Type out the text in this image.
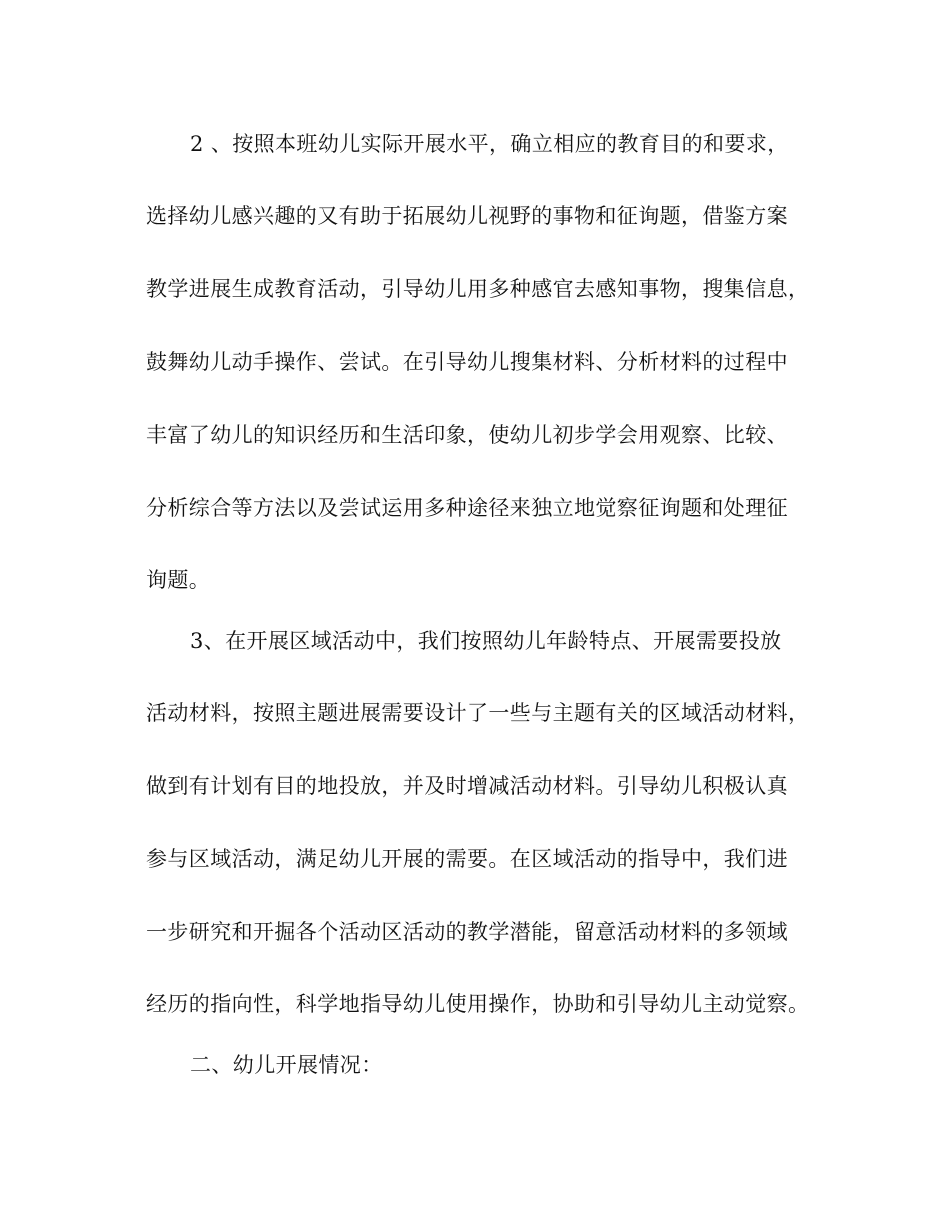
2 、按照本班幼儿实际开展水平，确立相应的教育目的和要求，
选择幼儿感兴趣的又有助于拓展幼儿视野的事物和征询题，借鉴方案
教学进展生成教育活动，引导幼儿用多种感官去感知事物，搜集信息，
鼓舞幼儿动手操作、尝试。在引导幼儿搜集材料、分析材料的过程中
丰富了幼儿的知识经历和生活印象，使幼儿初步学会用观察、比较、
分析综合等方法以及尝试运用多种途径来独立地觉察征询题和处理征
询题。
3、在开展区域活动中，我们按照幼儿年龄特点、开展需要投放
活动材料，按照主题进展需要设计了一些与主题有关的区域活动材料，
做到有计划有目的地投放，并及时增减活动材料。引导幼儿积极认真
参与区域活动，满足幼儿开展的需要。在区域活动的指导中，我们进
一步研究和开掘各个活动区活动的教学潜能，留意活动材料的多领域
经历的指向性，科学地指导幼儿使用操作，协助和引导幼儿主动觉察。
二、幼儿开展情况：
